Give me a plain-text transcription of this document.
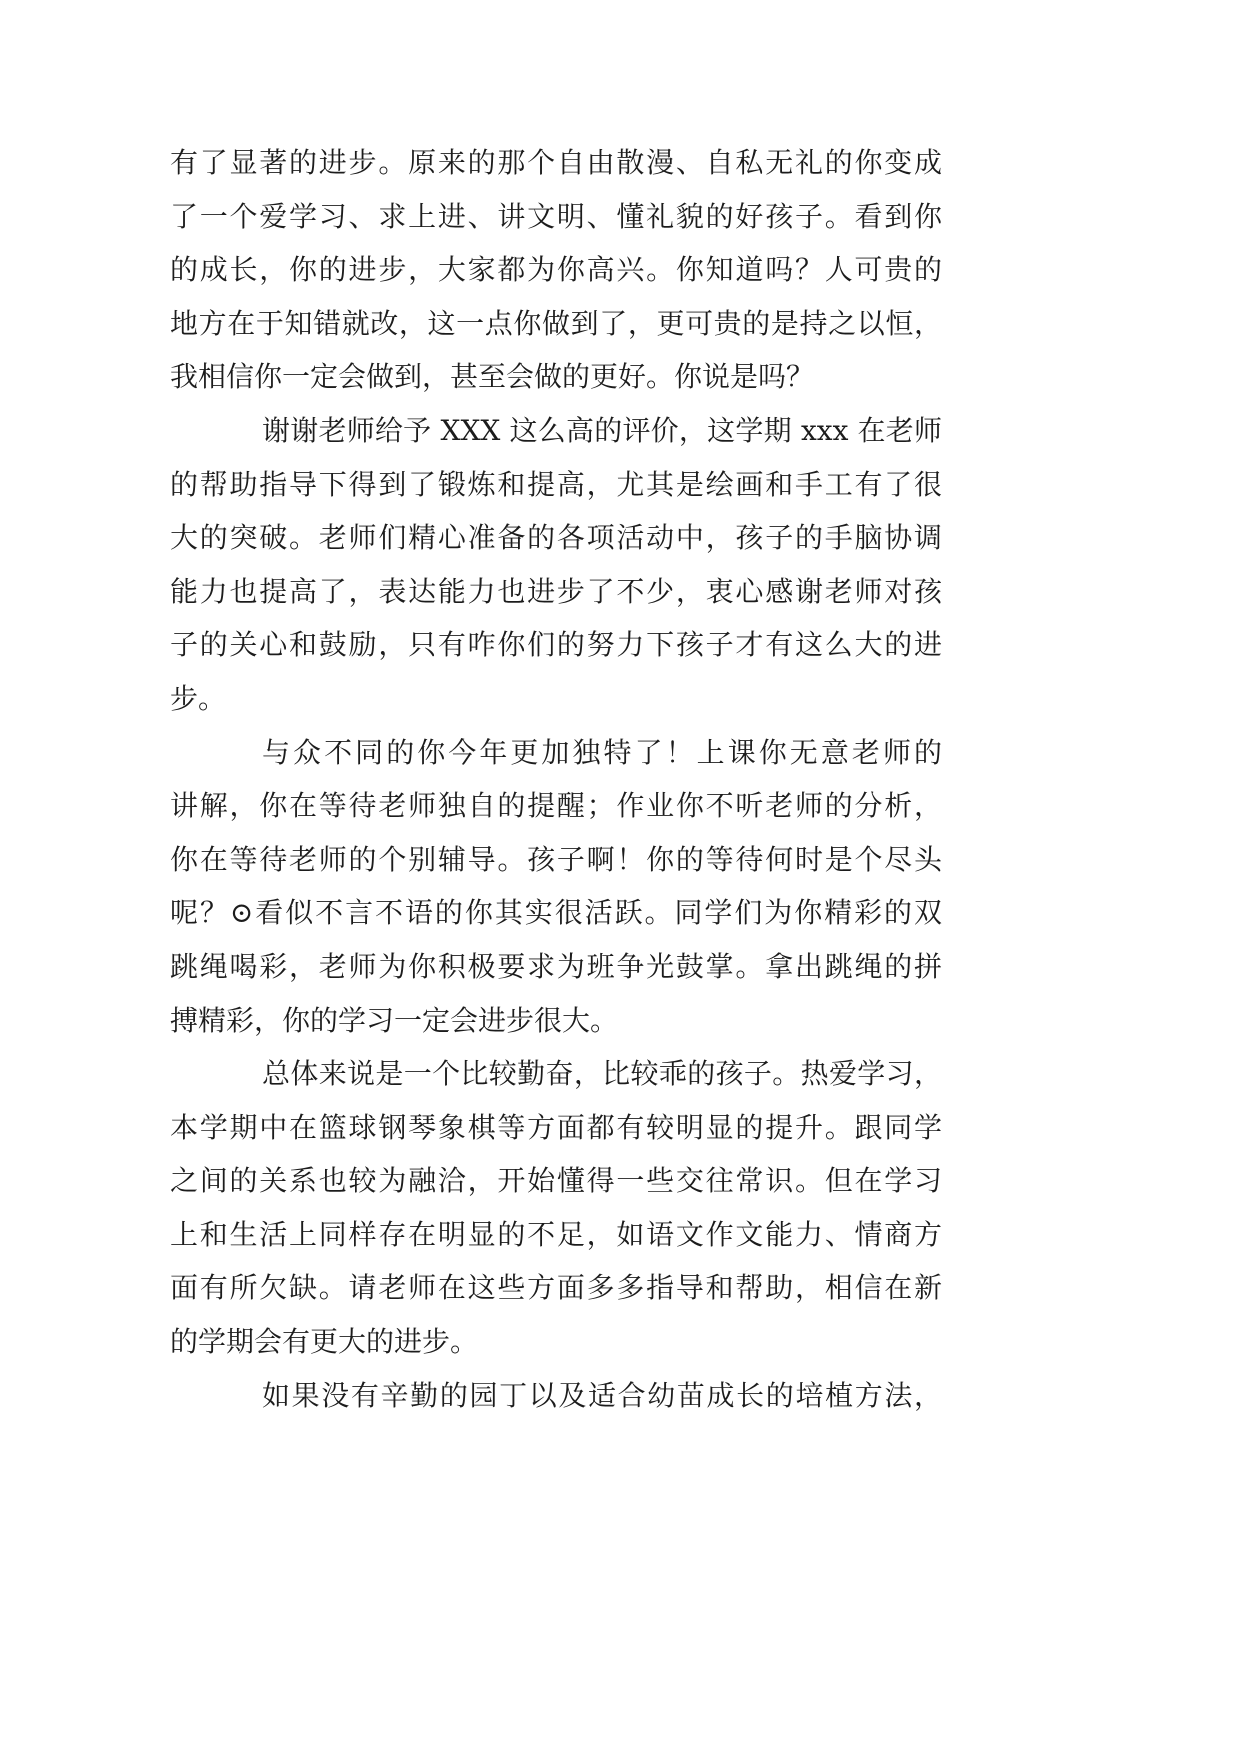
有了显著的进步。原来的那个自由散漫、自私无礼的你变成
了一个爱学习、求上进、讲文明、懂礼貌的好孩子。看到你
的成长，你的进步，大家都为你高兴。你知道吗？人可贵的
地方在于知错就改，这一点你做到了，更可贵的是持之以恒，
我相信你一定会做到，甚至会做的更好。你说是吗？
谢谢老师给予 XXX 这么高的评价，这学期 xxx 在老师
的帮助指导下得到了锻炼和提高，尤其是绘画和手工有了很
大的突破。老师们精心准备的各项活动中，孩子的手脑协调
能力也提高了，表达能力也进步了不少，衷心感谢老师对孩
子的关心和鼓励，只有咋你们的努力下孩子才有这么大的进
步。
与众不同的你今年更加独特了！上课你无意老师的
讲解，你在等待老师独自的提醒；作业你不听老师的分析，
你在等待老师的个别辅导。孩子啊！你的等待何时是个尽头
呢？⊙看似不言不语的你其实很活跃。同学们为你精彩的双
跳绳喝彩，老师为你积极要求为班争光鼓掌。拿出跳绳的拼
搏精彩，你的学习一定会进步很大。
总体来说是一个比较勤奋，比较乖的孩子。热爱学习，
本学期中在篮球钢琴象棋等方面都有较明显的提升。跟同学
之间的关系也较为融洽，开始懂得一些交往常识。但在学习
上和生活上同样存在明显的不足，如语文作文能力、情商方
面有所欠缺。请老师在这些方面多多指导和帮助，相信在新
的学期会有更大的进步。
如果没有辛勤的园丁以及适合幼苗成长的培植方法，
